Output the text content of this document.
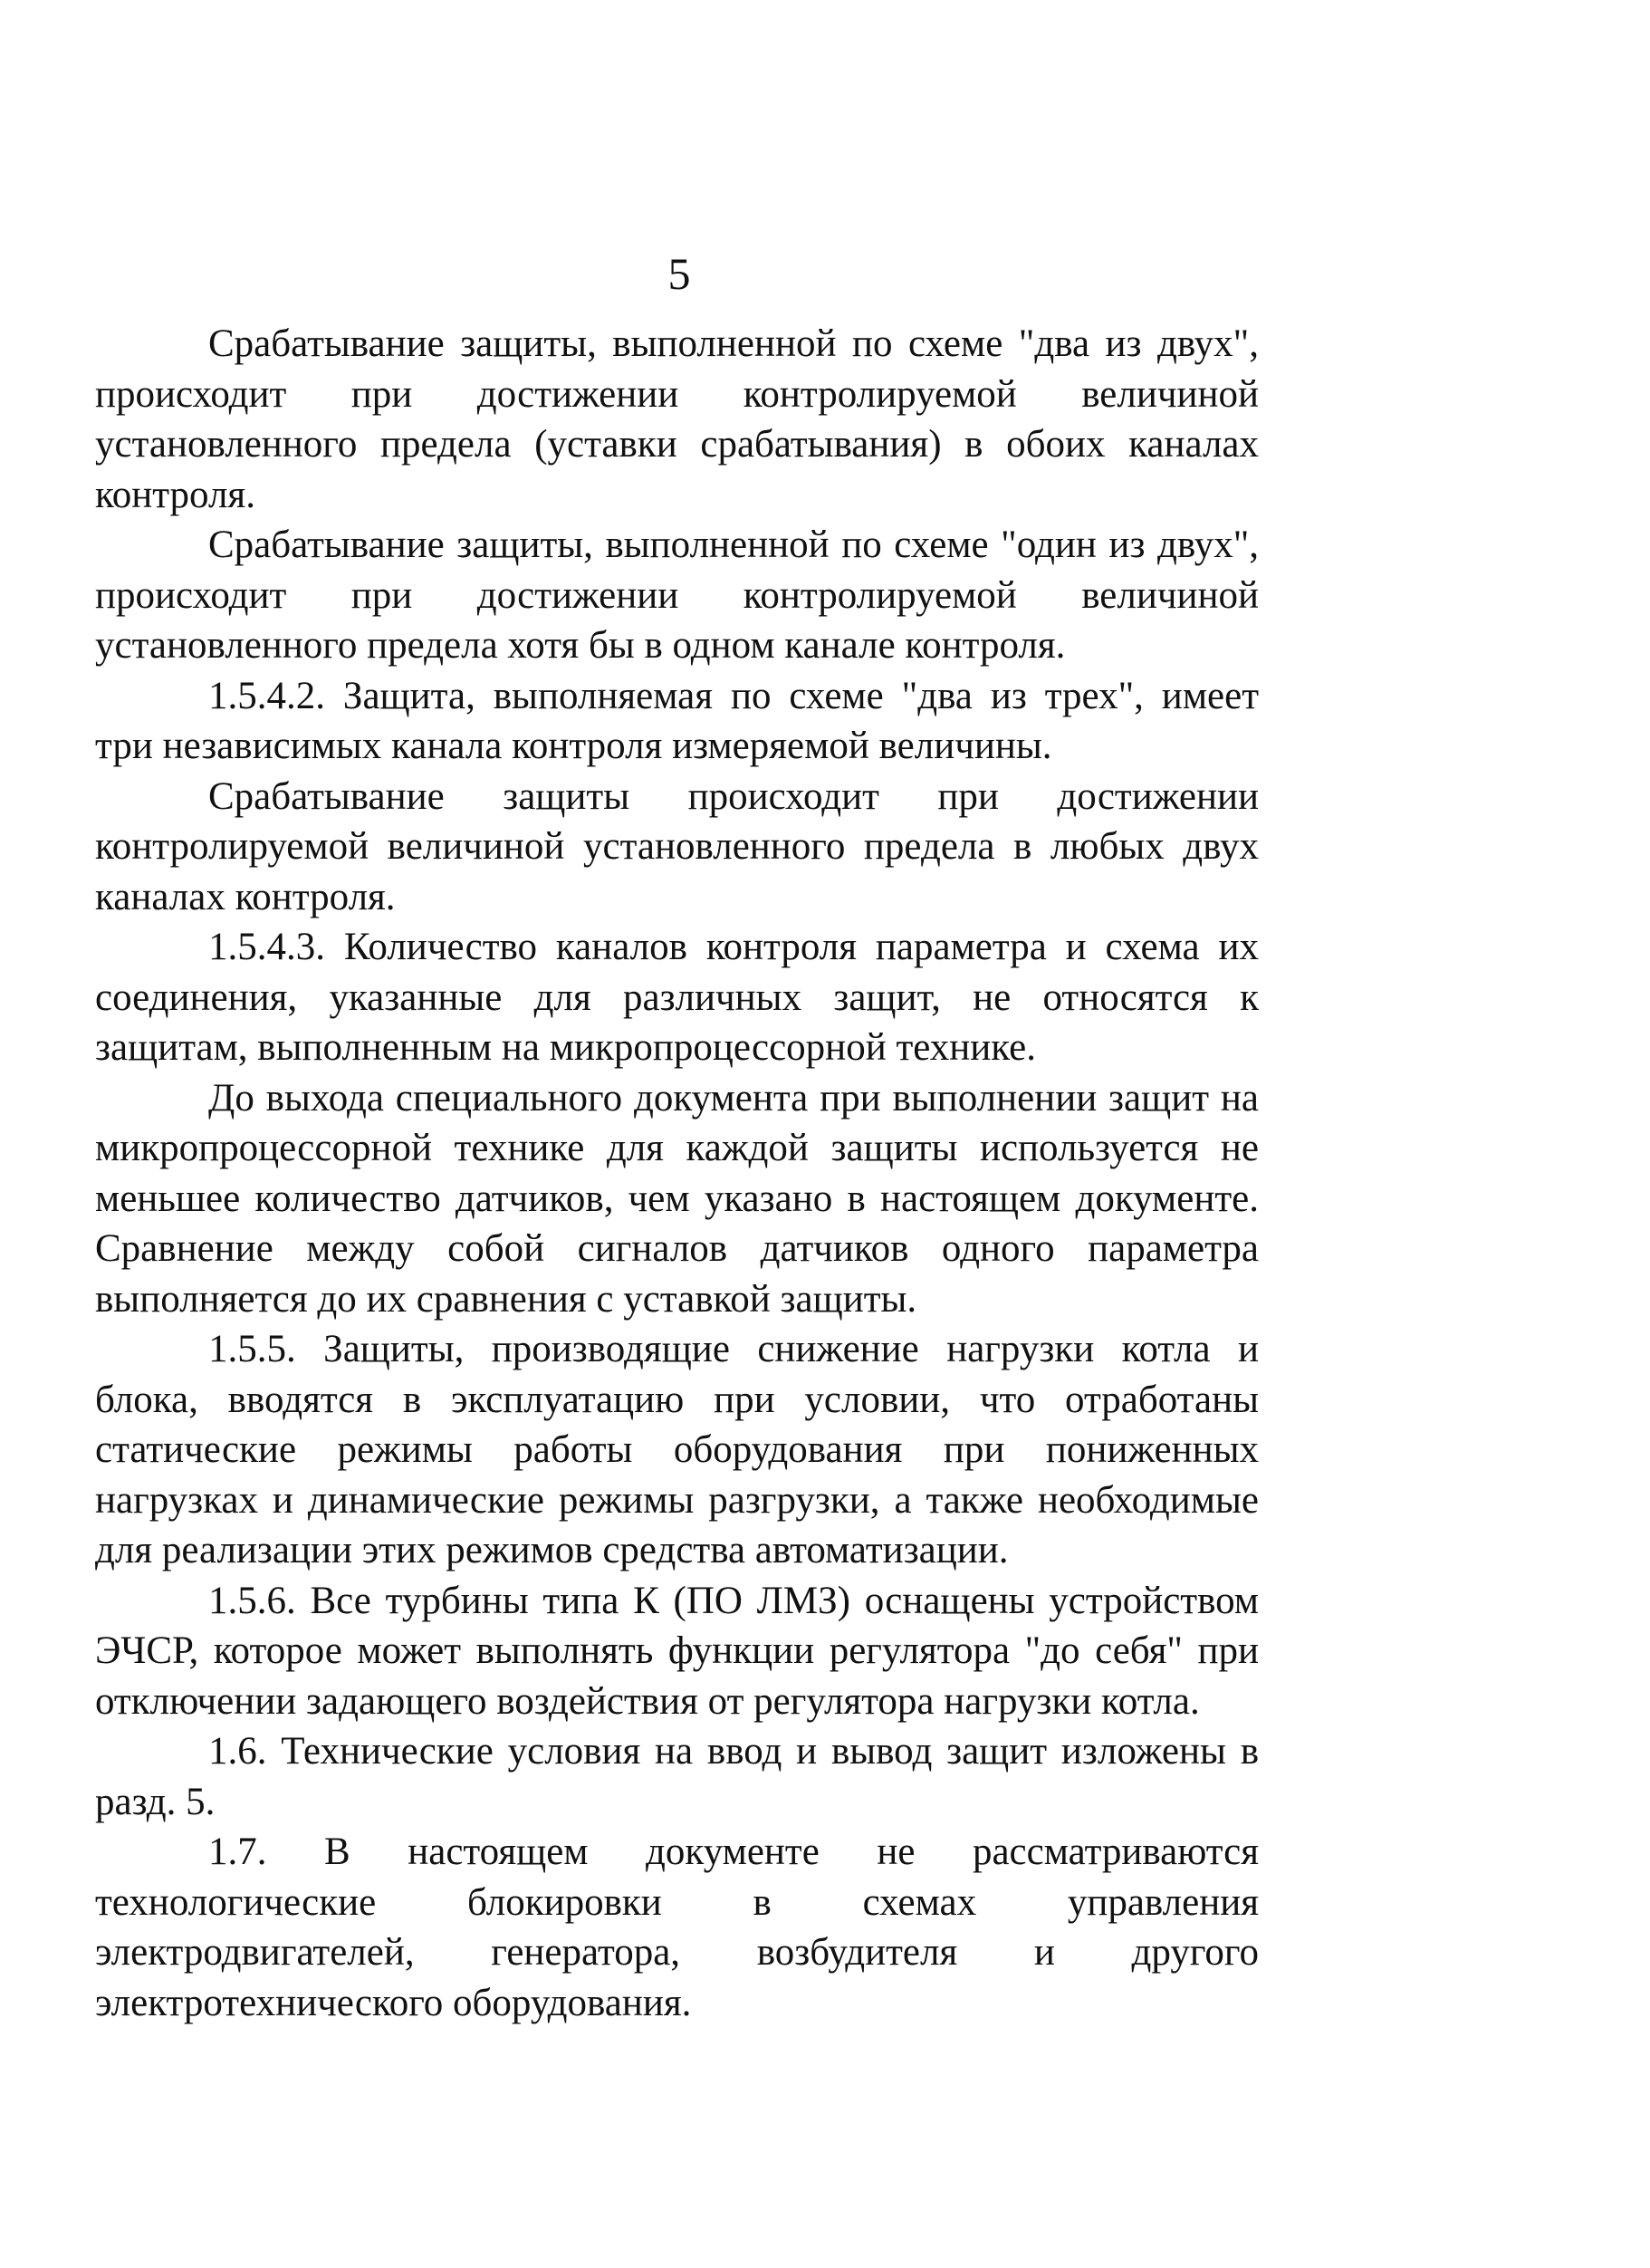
5

Срабатывание защиты, выполненной по схеме "два из двух", происходит при достижении контролируемой величиной установленного предела (уставки срабатывания) в обоих каналах контроля.

Срабатывание защиты, выполненной по схеме "один из двух", происходит при достижении контролируемой величиной установленного предела хотя бы в одном канале контроля.

1.5.4.2. Защита, выполняемая по схеме "два из трех", имеет три независимых канала контроля измеряемой величины.

Срабатывание защиты происходит при достижении контролируемой величиной установленного предела в любых двух каналах контроля.

1.5.4.3. Количество каналов контроля параметра и схема их соединения, указанные для различных защит, не относятся к защитам, выполненным на микропроцессорной технике.

До выхода специального документа при выполнении защит на микропроцессорной технике для каждой защиты используется не меньшее количество датчиков, чем указано в настоящем документе. Сравнение между собой сигналов датчиков одного параметра выполняется до их сравнения с уставкой защиты.

1.5.5. Защиты, производящие снижение нагрузки котла и блока, вводятся в эксплуатацию при условии, что отработаны статические режимы работы оборудования при пониженных нагрузках и динамические режимы разгрузки, а также необходимые для реализации этих режимов средства автоматизации.

1.5.6. Все турбины типа К (ПО ЛМЗ) оснащены устройством ЭЧСР, которое может выполнять функции регулятора "до себя" при отключении задающего воздействия от регулятора нагрузки котла.

1.6. Технические условия на ввод и вывод защит изложены в разд. 5.

1.7. В настоящем документе не рассматриваются технологические блокировки в схемах управления электродвигателей, генератора, возбудителя и другого электротехнического оборудования.
